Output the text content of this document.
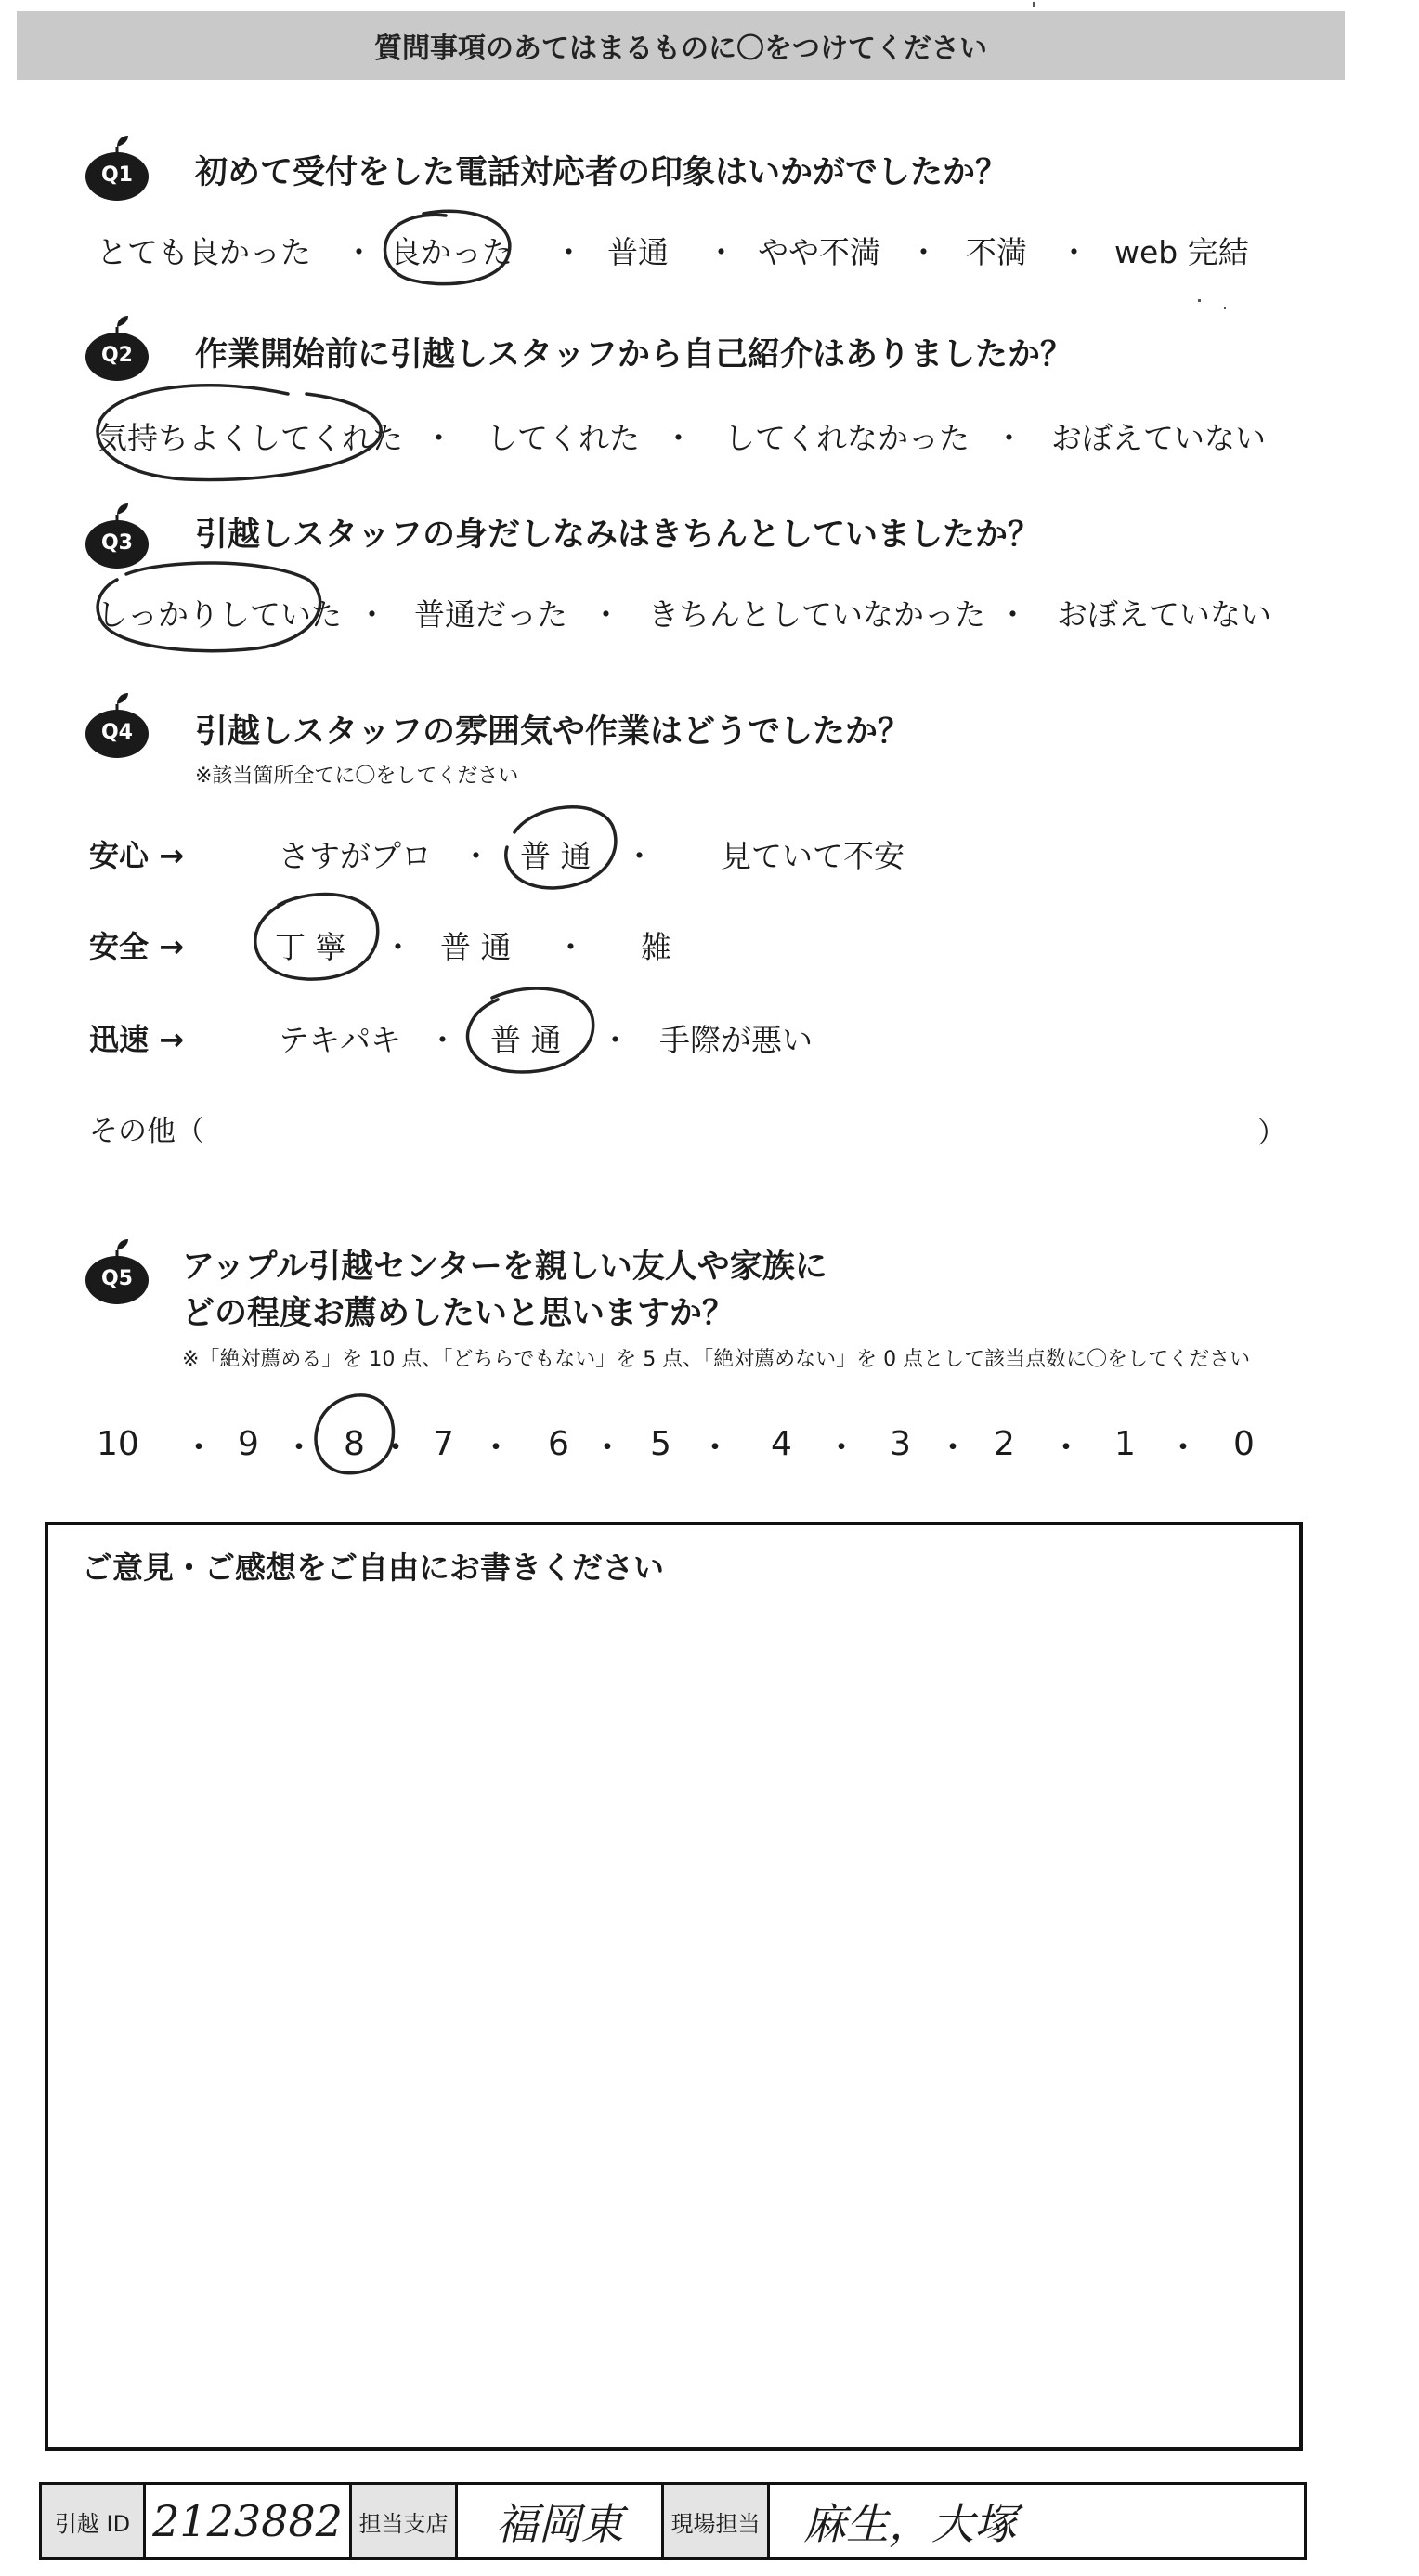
質問事項のあてはまるものに〇をつけてください
Q1	初めて受付をした電話対応者の印象はいかがでしたか？
とても良かった ・ 良かった ・ 普通 ・ やや不満 ・ 不満 ・ web 完結
Q2	作業開始前に引越しスタッフから自己紹介はありましたか？
気持ちよくしてくれた ・ してくれた ・ してくれなかった ・ おぼえていない
Q3	引越しスタッフの身だしなみはきちんとしていましたか？
しっかりしていた ・ 普通だった ・ きちんとしていなかった ・ おぼえていない
Q4	引越しスタッフの雰囲気や作業はどうでしたか？
※該当箇所全てに〇をしてください
安心 →	さすがプロ ・ 普 通 ・ 見ていて不安
安全 →	丁 寧 ・ 普 通 ・ 雑
迅速 →	テキパキ ・ 普 通 ・ 手際が悪い
その他（	）
Q5	アップル引越センターを親しい友人や家族に
どの程度お薦めしたいと思いますか？
※「絶対薦める」を 10 点、「どちらでもない」を 5 点、「絶対薦めない」を 0 点として該当点数に〇をしてください
10 ・ 9 ・ 8 ・ 7 ・ 6 ・ 5 ・ 4 ・ 3 ・ 2 ・ 1 ・ 0
ご意見・ご感想をご自由にお書きください
引越 ID 2123882 担当支店	福岡東	現場担当	麻生，大塚
